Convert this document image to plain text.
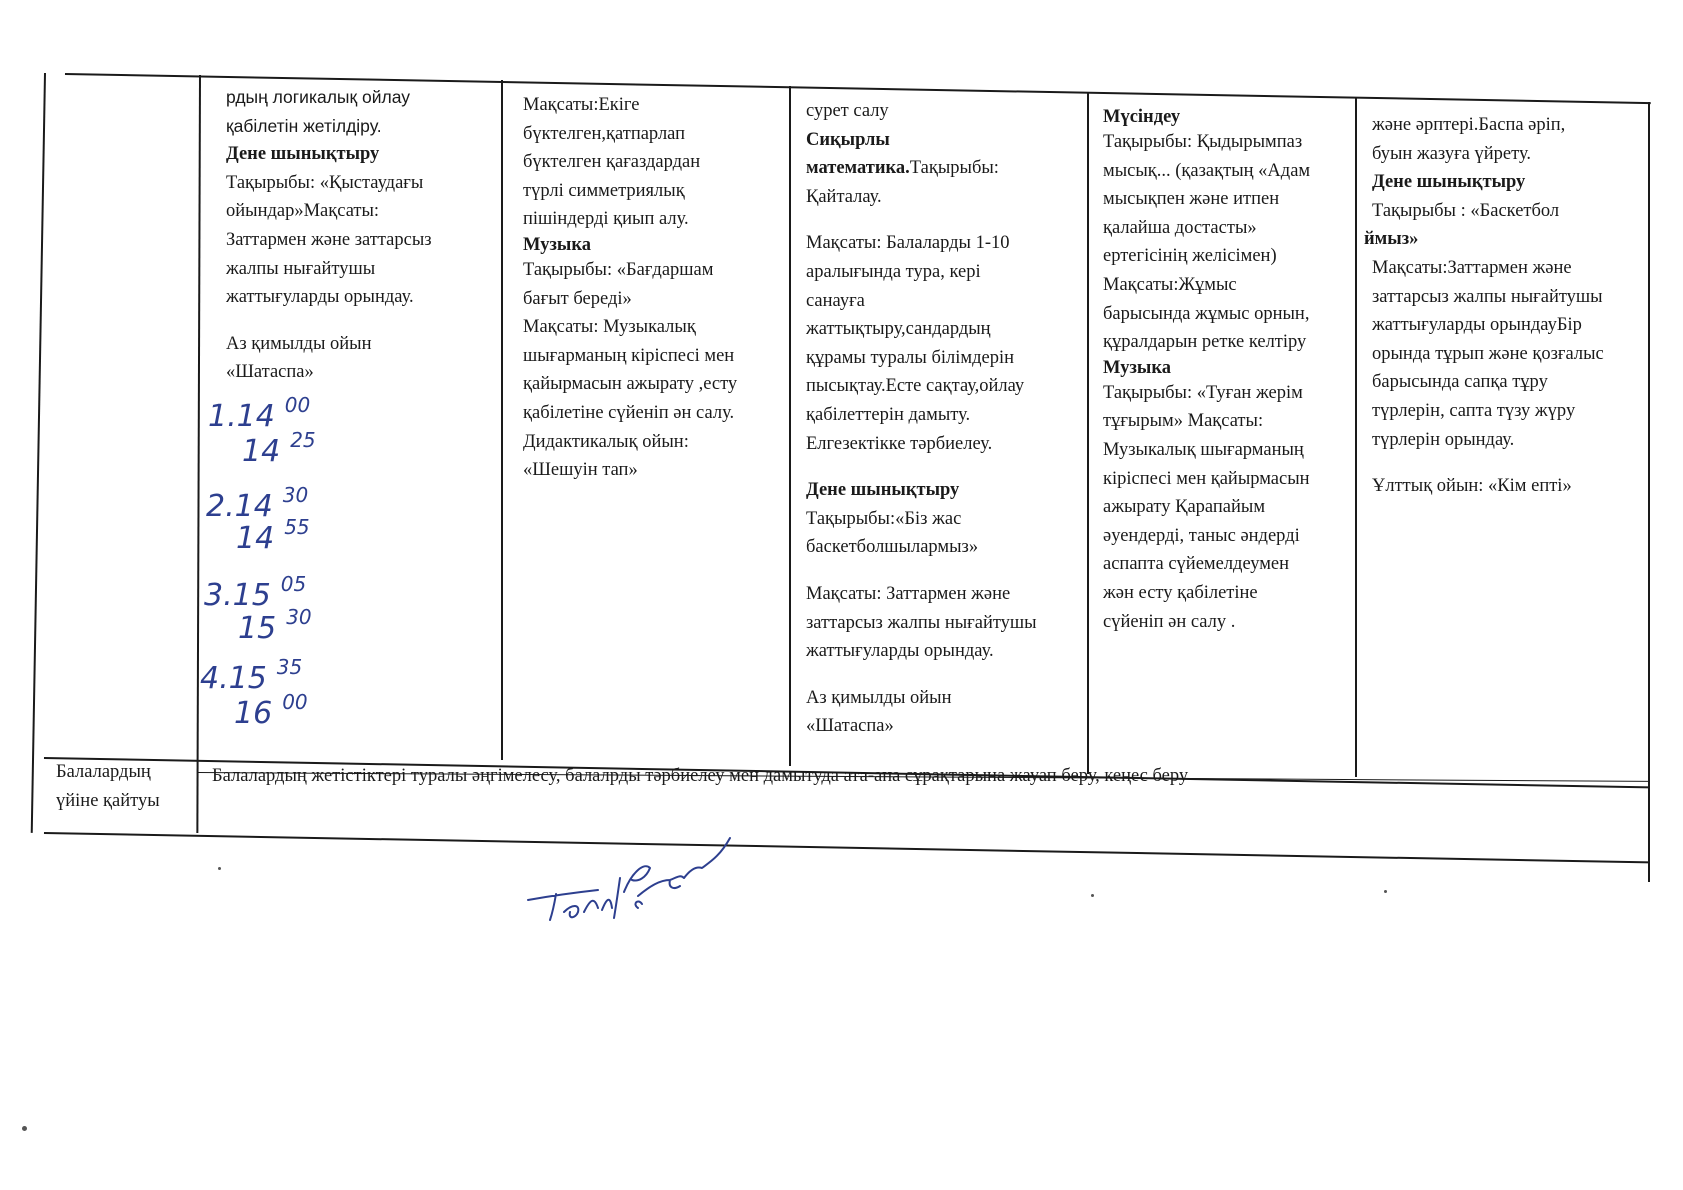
рдың логикалық ойлау

қабілетін жетілдіру.

Дене шынықтыру

Тақырыбы: «Қыстаудағы

ойындар»Мақсаты:

Заттармен және заттарсыз

жалпы нығайтушы

жаттығуларды орындау.

Аз қимылды ойын

«Шатаспа»

1.14 $^{00}$
14 $^{25}$
2.14 $^{30}$
14 $^{55}$
3.15 $^{05}$
15 $^{30}$
4.15 $^{35}$
16 $^{00}$

Мақсаты:Екіге

бүктелген,қатпарлап

бүктелген қағаздардан

түрлі симметриялық

пішіндерді қиып алу.

Музыка

Тақырыбы: «Бағдаршам

бағыт береді»

Мақсаты: Музыкалық

шығарманың кіріспесі мен

қайырмасын ажырату ,есту

қабілетіне сүйеніп ән салу.

Дидактикалық ойын:

«Шешуін тап»

сурет салу

Сиқырлы

математика.Тақырыбы:

Қайталау.

Мақсаты: Балаларды 1-10

аралығында тура, кері

санауға

жаттықтыру,сандардың

құрамы туралы білімдерін

пысықтау.Есте сақтау,ойлау

қабілеттерін дамыту.

Елгезектікке тәрбиелеу.

Дене шынықтыру

Тақырыбы:«Біз жас

баскетболшылармыз»

Мақсаты: Заттармен және

заттарсыз жалпы нығайтушы

жаттығуларды орындау.

Аз қимылды ойын

«Шатаспа»

Мүсіндеу

Тақырыбы: Қыдырымпаз

мысық... (қазақтың «Адам

мысықпен және итпен

қалайша достасты»

ертегісінің желісімен)

Мақсаты:Жұмыс

барысында жұмыс орнын,

құралдарын ретке келтіру

Музыка

Тақырыбы: «Туған жерім

тұғырым» Мақсаты:

Музыкалық шығарманың

кіріспесі мен қайырмасын

ажырату Қарапайым

әуендерді, таныс әндерді

аспапта сүйемелдеумен

жән есту қабілетіне

сүйеніп ән салу .

және әрптері.Баспа әріп,

буын жазуға үйрету.

Дене шынықтыру

Тақырыбы : «Баскетбол

ймыз»

Мақсаты:Заттармен және

заттарсыз жалпы нығайтушы

жаттығуларды орындауБір

орында тұрып және қозғалыс

барысында сапқа тұру

түрлерін, сапта түзу жүру

түрлерін орындау.

Ұлттық ойын: «Кім епті»

Балалардың

үйіне қайтуы

Балалардың жетістіктері туралы әңгімелесу, балалрды тәрбиелеу мен дамытуда ата-ана сұрақтарына жауап беру, кеңес беру
